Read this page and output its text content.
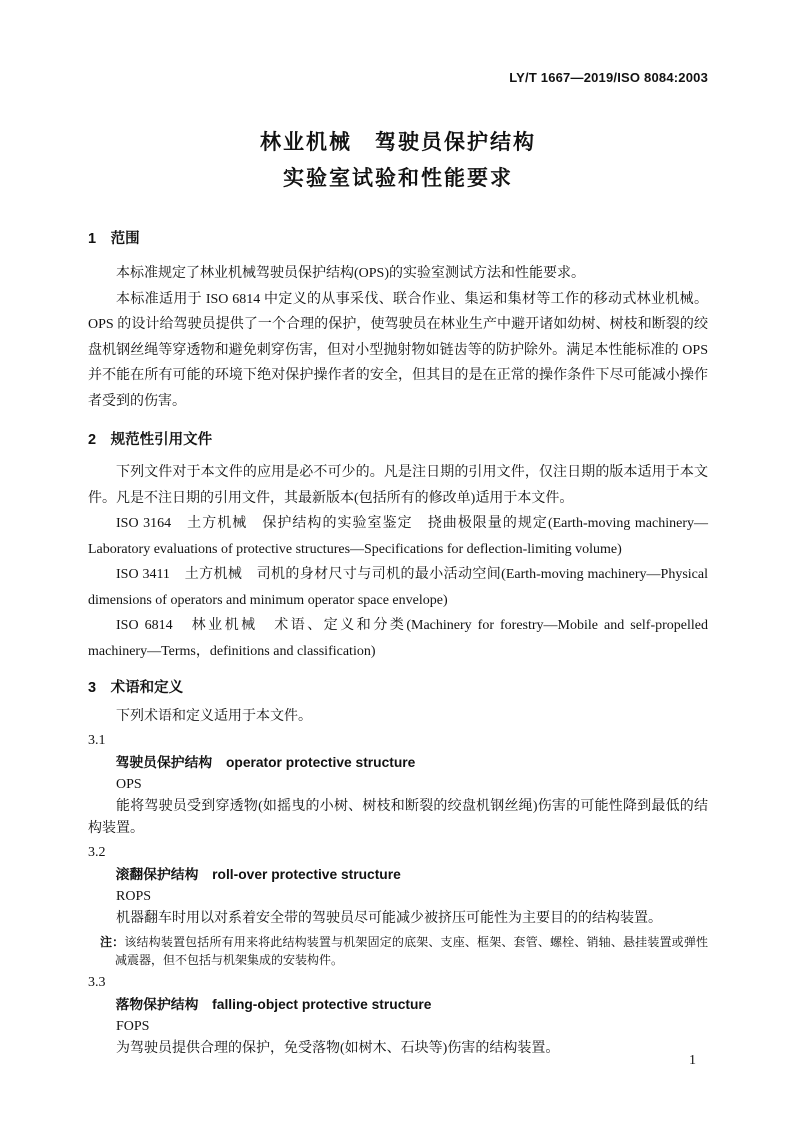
LY/T 1667—2019/ISO 8084:2003
林业机械　驾驶员保护结构
实验室试验和性能要求
1　范围

本标准规定了林业机械驾驶员保护结构(OPS)的实验室测试方法和性能要求。

本标准适用于 ISO 6814 中定义的从事采伐、联合作业、集运和集材等工作的移动式林业机械。OPS 的设计给驾驶员提供了一个合理的保护，使驾驶员在林业生产中避开诸如幼树、树枝和断裂的绞盘机钢丝绳等穿透物和避免刺穿伤害，但对小型抛射物如链齿等的防护除外。满足本性能标准的 OPS 并不能在所有可能的环境下绝对保护操作者的安全，但其目的是在正常的操作条件下尽可能减小操作者受到的伤害。

2　规范性引用文件

下列文件对于本文件的应用是必不可少的。凡是注日期的引用文件，仅注日期的版本适用于本文件。凡是不注日期的引用文件，其最新版本(包括所有的修改单)适用于本文件。

ISO 3164　土方机械　保护结构的实验室鉴定　挠曲极限量的规定(Earth-moving machinery—Laboratory evaluations of protective structures—Specifications for deflection-limiting volume)

ISO 3411　土方机械　司机的身材尺寸与司机的最小活动空间(Earth-moving machinery—Physical dimensions of operators and minimum operator space envelope)

ISO 6814　林业机械　术语、定义和分类(Machinery for forestry—Mobile and self-propelled machinery—Terms，definitions and classification)

3　术语和定义

下列术语和定义适用于本文件。

3.1
驾驶员保护结构　operator protective structure
OPS

能将驾驶员受到穿透物(如摇曳的小树、树枝和断裂的绞盘机钢丝绳)伤害的可能性降到最低的结构装置。

3.2
滚翻保护结构　roll-over protective structure
ROPS

机器翻车时用以对系着安全带的驾驶员尽可能减少被挤压可能性为主要目的的结构装置。

注：该结构装置包括所有用来将此结构装置与机架固定的底架、支座、框架、套管、螺栓、销轴、悬挂装置或弹性减震器，但不包括与机架集成的安装构件。

3.3
落物保护结构　falling-object protective structure
FOPS

为驾驶员提供合理的保护，免受落物(如树木、石块等)伤害的结构装置。

1
